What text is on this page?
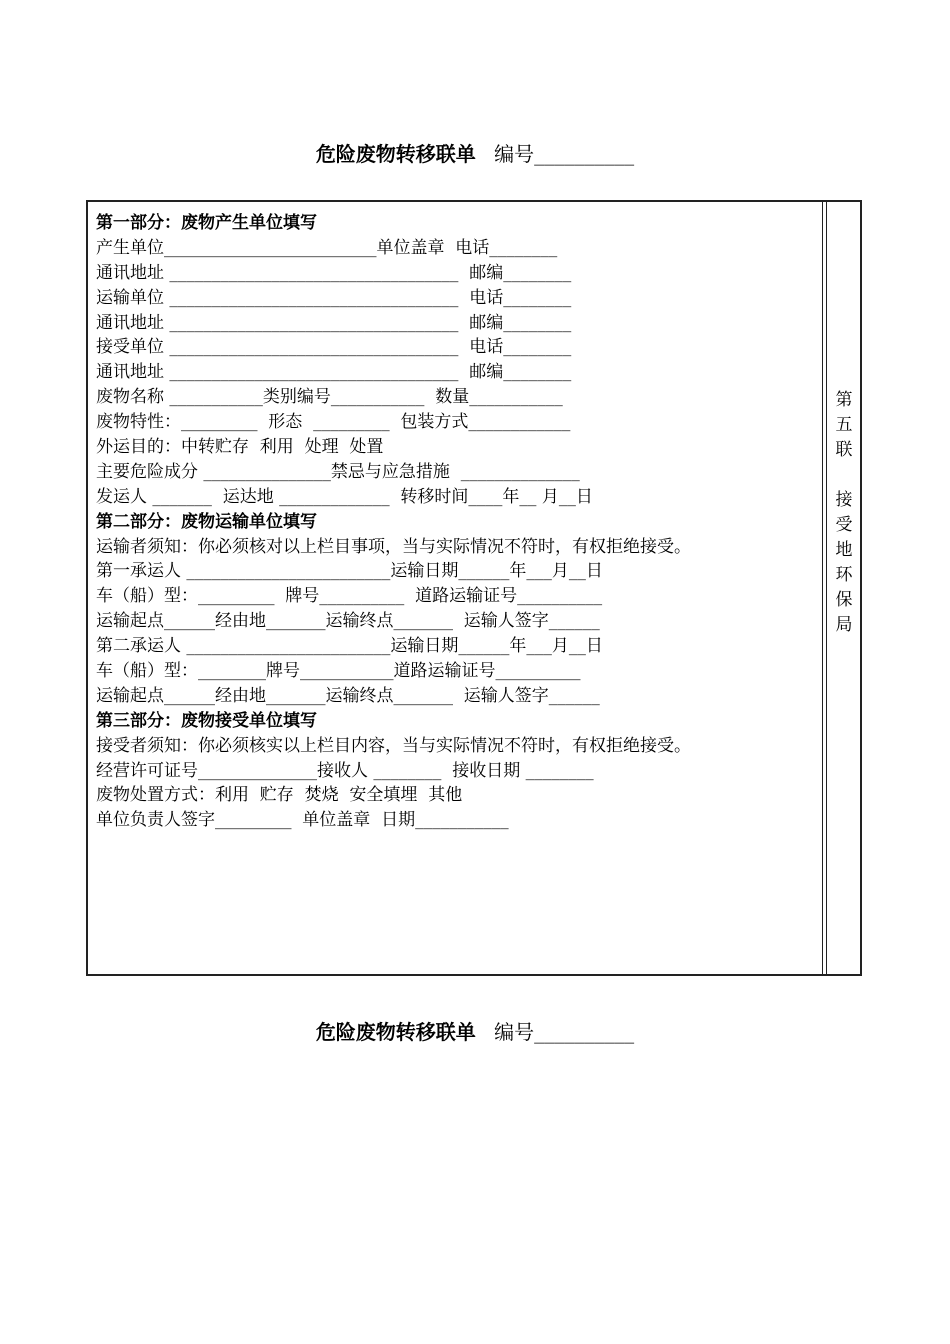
危险废物转移联单 编号__________
第一部分：废物产生单位填写
产生单位_________________________单位盖章  电话________
通讯地址 __________________________________  邮编________
运输单位 __________________________________  电话________
通讯地址 __________________________________  邮编________
接受单位 __________________________________  电话________
通讯地址 __________________________________  邮编________
废物名称 ___________类别编号___________  数量___________
废物特性：_________  形态  _________  包装方式____________
外运目的：中转贮存  利用  处理  处置
主要危险成分 _______________禁忌与应急措施  ______________
发运人 _______  运达地 _____________  转移时间____年__ 月__日
第二部分：废物运输单位填写
运输者须知：你必须核对以上栏目事项，当与实际情况不符时，有权拒绝接受。
第一承运人 ________________________运输日期______年___月__日
车（船）型：_________  牌号__________  道路运输证号__________
运输起点______经由地_______运输终点_______  运输人签字______
第二承运人 ________________________运输日期______年___月__日
车（船）型：________牌号___________道路运输证号__________
运输起点______经由地_______运输终点_______  运输人签字______
第三部分：废物接受单位填写
接受者须知：你必须核实以上栏目内容，当与实际情况不符时，有权拒绝接受。
经营许可证号______________接收人 ________  接收日期 ________
废物处置方式：利用  贮存  焚烧  安全填埋  其他
单位负责人签字_________  单位盖章  日期___________
第
五
联
接
受
地
环
保
局
危险废物转移联单 编号__________
